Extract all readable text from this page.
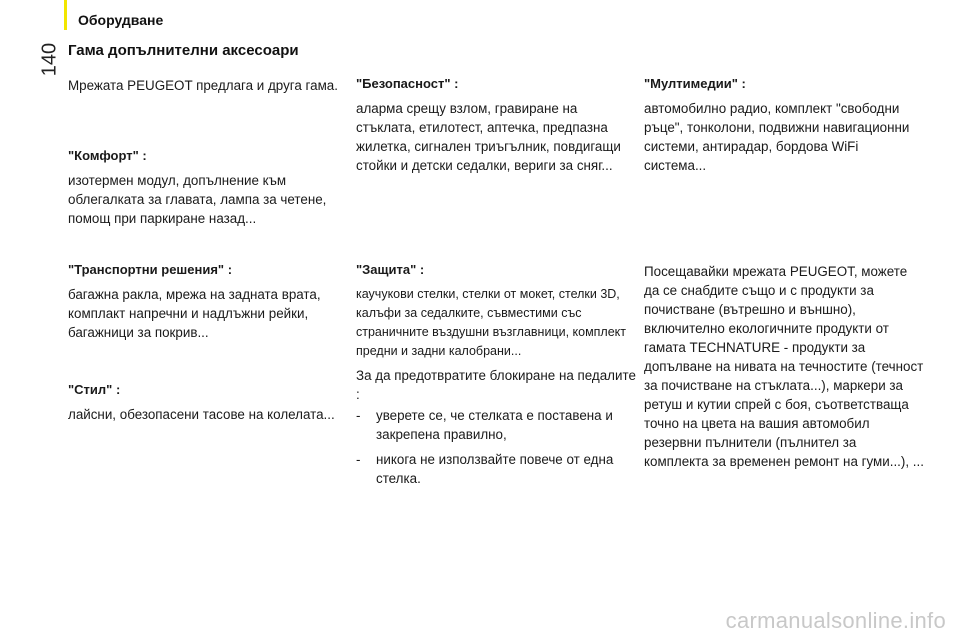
Оборудване
140 Гама допълнителни аксесоари

Мрежата PEUGEOT предлага и друга гама.

"Комфорт" :

изотермен модул, допълнение към облегалката за главата, лампа за четене, помощ при паркиране назад...

"Транспортни решения" :

багажна ракла, мрежа на задната врата, комплакт напречни и надлъжни рейки, багажници за покрив...

"Стил" :

лайсни, обезопасени тасове на колелата...

"Безопасност" :

аларма срещу взлом, гравиране на стъклата, етилотест, аптечка, предпазна жилетка, сигнален триъгълник, повдигащи стойки и детски седалки, вериги за сняг...

"Защита" :

каучукови стелки, стелки от мокет, стелки 3D, калъфи за седалките, съвместими със страничните въздушни възглавници, комплект предни и задни калобрани...

За да предотвратите блокиране на педалите :

- уверете се, че стелката е поставена и закрепена правилно,
- никога не използвайте повече от една стелка.
"Мултимедии" :

автомобилно радио, комплект "свободни ръце", тонколони, подвижни навигационни системи, антирадар, бордова WiFi система...

Посещавайки мрежата PEUGEOT, можете да се снабдите също и с продукти за почистване (вътрешно и външно), включително екологичните продукти от гамата TECHNATURE - продукти за допълване на нивата на течностите (течност за почистване на стъклата...), маркери за ретуш и кутии спрей с боя, съответстваща точно на цвета на вашия автомобил резервни пълнители (пълнител за комплекта за временен ремонт на гуми...), ...

carmanualsonline.info
